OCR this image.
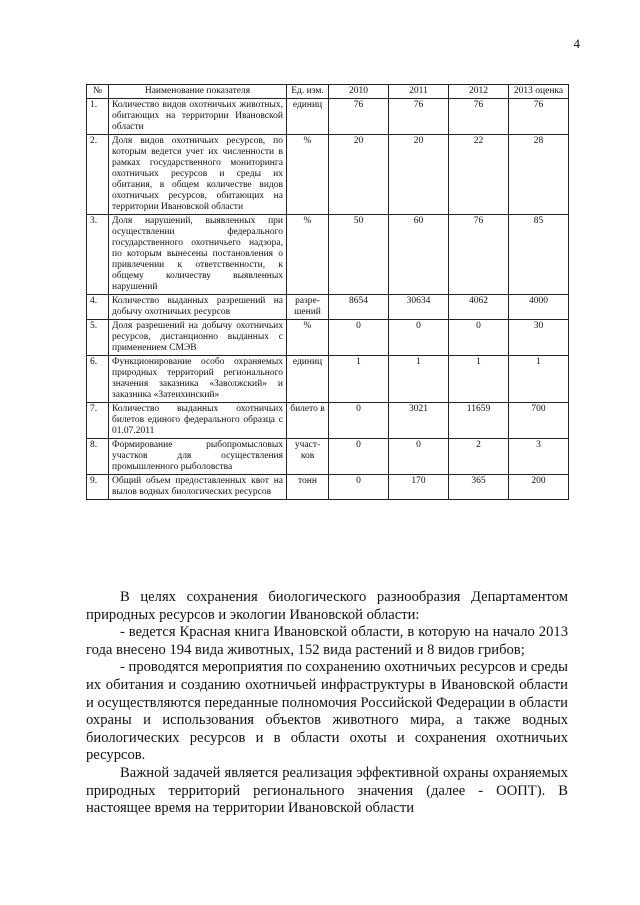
4
№	Наименование показателя	Ед. изм.	2010	2011	2012	2013 оценка
1.	Количество видов охотничьих животных, обитающих на территории Ивановской области	единиц	76	76	76	76
2.	Доля видов охотничьих ресурсов, по которым ведется учет их численности в рамках государственного мониторинга охотничьих ресурсов и среды их обитания, в общем количестве видов охотничьих ресурсов, обитающих на территории Ивановской области	%	20	20	22	28
3.	Доля нарушений, выявленных при осуществлении федерального государственного охотничьего надзора, по которым вынесены постановления о привлечении к ответственности, к общему количеству выявленных нарушений	%	50	60	76	85
4.	Количество выданных разрешений на добычу охотничьих ресурсов	разре-шений	8654	30634	4062	4000
5.	Доля разрешений на добычу охотничьих ресурсов, дистанционно выданных с применением СМЭВ	%	0	0	0	30
6.	Функционирование особо охраняемых природных территорий регионального значения заказника «Заволжский» и заказника «Затеихинский»	единиц	1	1	1	1
7.	Количество выданных охотничьих билетов единого федерального образца с 01.07.2011	билето в	0	3021	11659	700
8.	Формирование рыбопромысловых участков для осуществления промышленного рыболовства	участ-ков	0	0	2	3
9.	Общий объем предоставленных квот на вылов водных биологических ресурсов	тонн	0	170	365	200

В целях сохранения биологического разнообразия Департаментом природных ресурсов и экологии Ивановской области:

- ведется Красная книга Ивановской области, в которую на начало 2013 года внесено 194 вида животных, 152 вида растений и 8 видов грибов;

- проводятся мероприятия по сохранению охотничьих ресурсов и среды их обитания и созданию охотничьей инфраструктуры в Ивановской области и осуществляются переданные полномочия Российской Федерации в области охраны и использования объектов животного мира, а также водных биологических ресурсов и в области охоты и сохранения охотничьих ресурсов.

Важной задачей является реализация эффективной охраны охраняемых природных территорий регионального значения (далее - ООПТ). В настоящее время на территории Ивановской области
